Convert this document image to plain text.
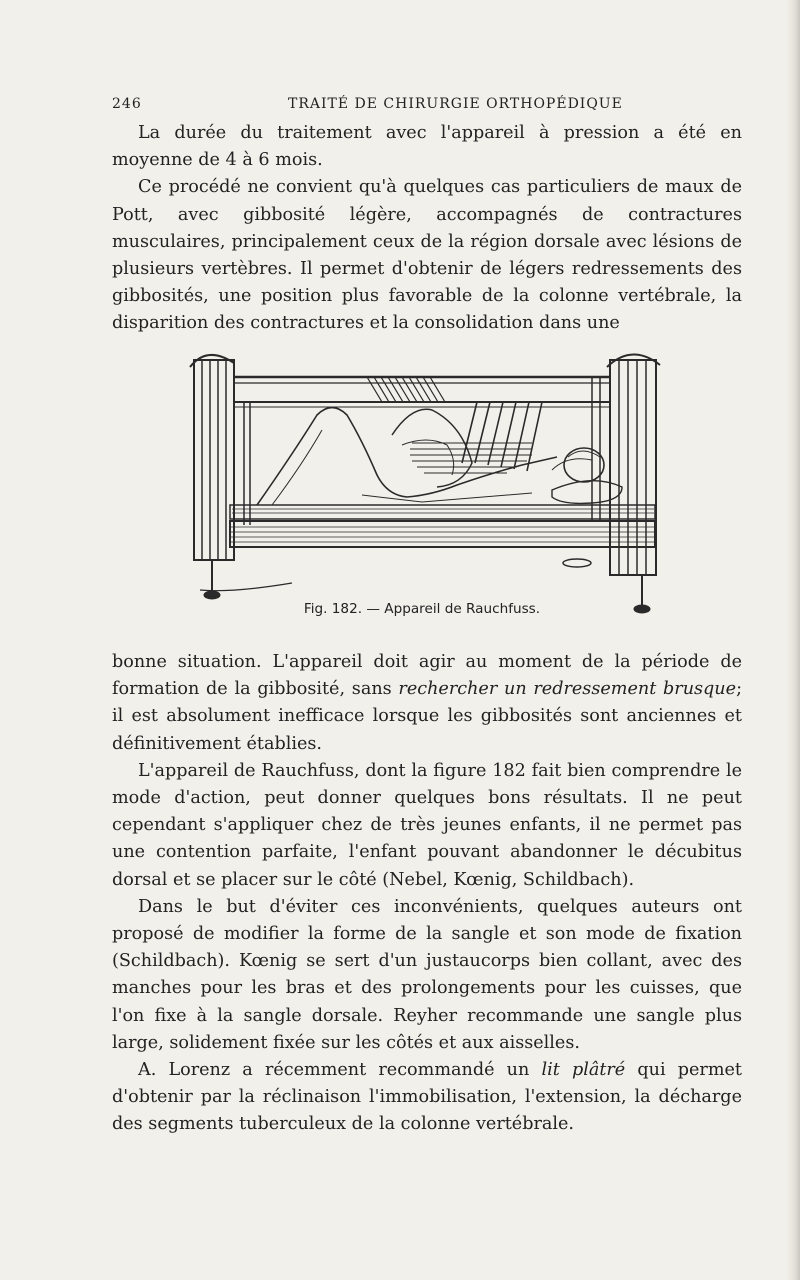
246	TRAITÉ DE CHIRURGIE ORTHOPÉDIQUE

La durée du traitement avec l'appareil à pression a été en moyenne de 4 à 6 mois.

Ce procédé ne convient qu'à quelques cas particuliers de maux de Pott, avec gibbosité légère, accompagnés de contractures musculaires, principalement ceux de la région dorsale avec lésions de plusieurs vertèbres. Il permet d'obtenir de légers redressements des gibbosités, une position plus favorable de la colonne vertébrale, la disparition des contractures et la consolidation dans une

Fig. 182. — Appareil de Rauchfuss.

bonne situation. L'appareil doit agir au moment de la période de formation de la gibbosité, sans rechercher un redressement brusque; il est absolument inefficace lorsque les gibbosités sont anciennes et définitivement établies.

L'appareil de Rauchfuss, dont la figure 182 fait bien comprendre le mode d'action, peut donner quelques bons résultats. Il ne peut cependant s'appliquer chez de très jeunes enfants, il ne permet pas une contention parfaite, l'enfant pouvant abandonner le décubitus dorsal et se placer sur le côté (Nebel, Kœnig, Schildbach).

Dans le but d'éviter ces inconvénients, quelques auteurs ont proposé de modifier la forme de la sangle et son mode de fixation (Schildbach). Kœnig se sert d'un justaucorps bien collant, avec des manches pour les bras et des prolongements pour les cuisses, que l'on fixe à la sangle dorsale. Reyher recommande une sangle plus large, solidement fixée sur les côtés et aux aisselles.

A. Lorenz a récemment recommandé un lit plâtré qui permet d'obtenir par la réclinaison l'immobilisation, l'extension, la décharge des segments tuberculeux de la colonne vertébrale.
